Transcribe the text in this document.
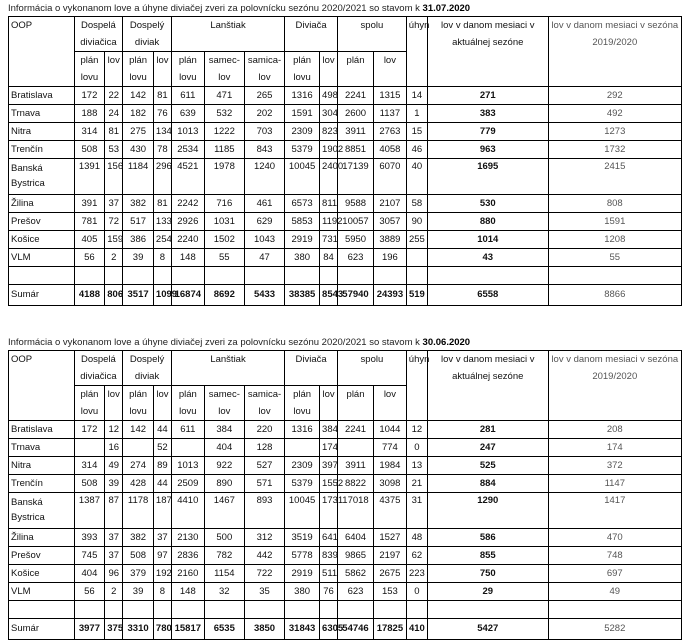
Informácia o vykonanom love a úhyne diviačej zveri za polovnícku sezónu 2020/2021 so stavom k 31.07.2020
OOP	Dospelá diviačica		Dospelý diviak		Lanštiak			Diviača		spolu		úhyn	lov v danom mesiaci v aktuálnej sezóne	lov v danom mesiaci v sezóna 2019/2020
	plán lovu	lov	plán lovu	lov	plán lovu	samec-lov	samica-lov	plán lovu	lov	plán	lov			
Bratislava	172	22	142	81	611	471	265	1316	498	2241	1315	14	271	292
Trnava	188	24	182	76	639	532	202	1591	304	2600	1137	1	383	492
Nitra	314	81	275	134	1013	1222	703	2309	823	3911	2763	15	779	1273
Trenčín	508	53	430	78	2534	1185	843	5379	1902	8851	4058	46	963	1732
Banská Bystrica	1391	156	1184	296	4521	1978	1240	10045	2400	17139	6070	40	1695	2415
Žilina	391	37	382	81	2242	716	461	6573	811	9588	2107	58	530	808
Prešov	781	72	517	133	2926	1031	629	5853	1192	10057	3057	90	880	1591
Košice	405	159	386	254	2240	1502	1043	2919	731	5950	3889	255	1014	1208
VLM	56	2	39	8	148	55	47	380	84	623	196		43	55

Sumár	4188	806	3517	1099	16874	8692	5433	38385	8543	57940	24393	519	6558	8866
Informácia o vykonanom love a úhyne diviačej zveri za polovnícku sezónu 2020/2021 so stavom k 30.06.2020
OOP	Dospelá diviačica		Dospelý diviak		Lanštiak			Diviača		spolu		úhyn	lov v danom mesiaci v aktuálnej sezóne	lov v danom mesiaci v sezóna 2019/2020
	plán lovu	lov	plán lovu	lov	plán lovu	samec-lov	samica-lov	plán lovu	lov	plán	lov			
Bratislava	172	12	142	44	611	384	220	1316	384	2241	1044	12	281	208
Trnava		16		52		404	128		174		774	0	247	174
Nitra	314	49	274	89	1013	922	527	2309	397	3911	1984	13	525	372
Trenčín	508	39	428	44	2509	890	571	5379	1552	8822	3098	21	884	1147
Banská Bystrica	1387	87	1178	187	4410	1467	893	10045	1731	17018	4375	31	1290	1417
Žilina	393	37	382	37	2130	500	312	3519	641	6404	1527	48	586	470
Prešov	745	37	508	97	2836	782	442	5778	839	9865	2197	62	855	748
Košice	404	96	379	192	2160	1154	722	2919	511	5862	2675	223	750	697
VLM	56	2	39	8	148	32	35	380	76	623	153	0	29	49

Sumár	3977	375	3310	780	15817	6535	3850	31843	6305	54746	17825	410	5427	5282
